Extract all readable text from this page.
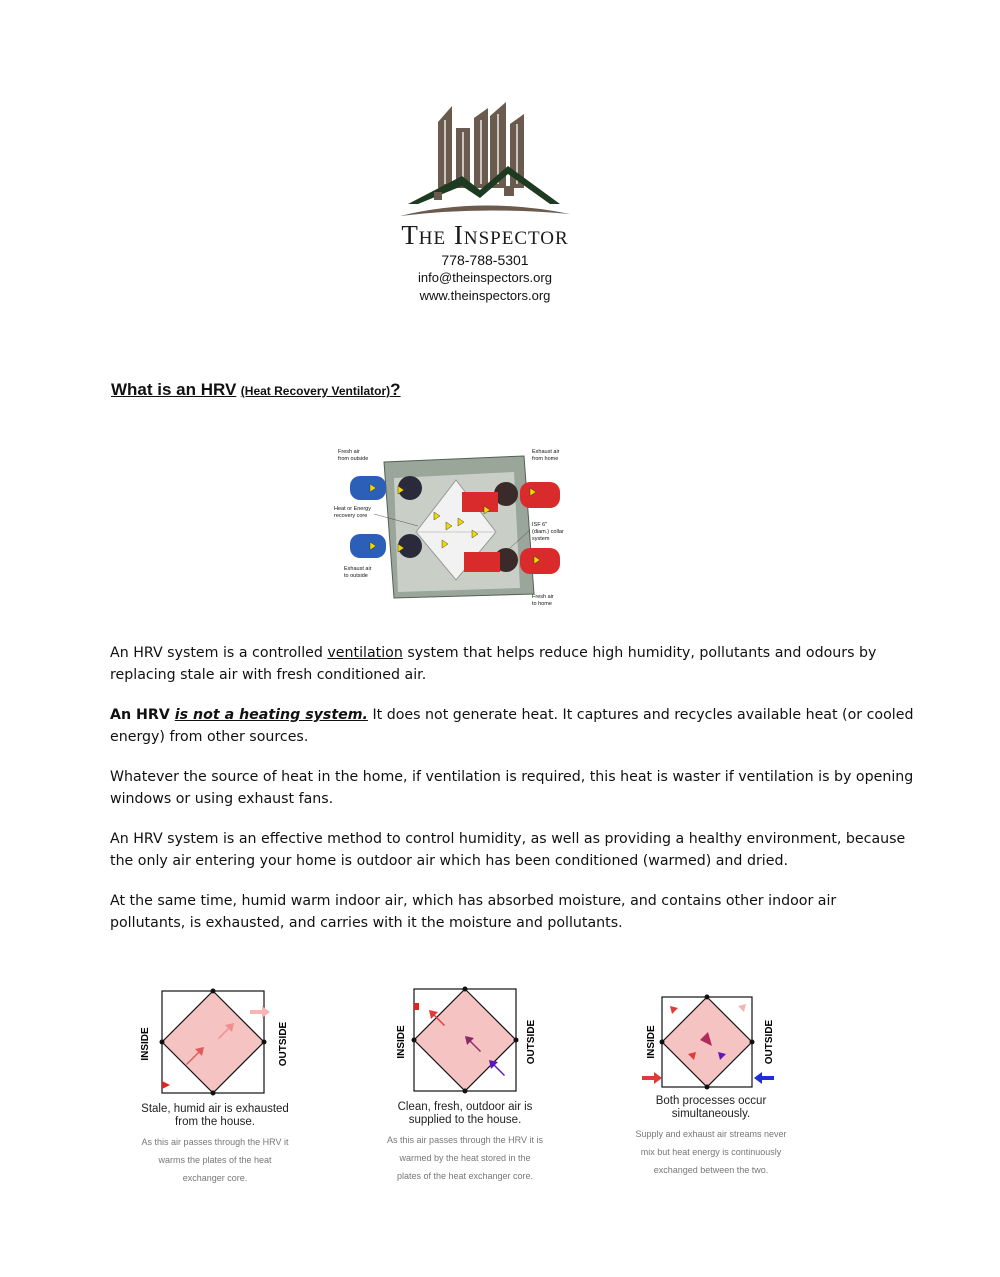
The Inspector
778-788-5301
info@theinspectors.org
www.theinspectors.org
What is an HRV (Heat Recovery Ventilator)?
Fresh air
from outside
Exhaust air
from home
Heat or Energy
recovery core
ISF 6"
(diam.) collar
system
Exhaust air
to outside
Fresh air
to home

An HRV system is a controlled ventilation system that helps reduce high humidity, pollutants and odours by replacing stale air with fresh conditioned air.

An HRV is not a heating system. It does not generate heat. It captures and recycles available heat (or cooled energy) from other sources.

Whatever the source of heat in the home, if ventilation is required, this heat is waster if ventilation is by opening windows or using exhaust fans.

An HRV system is an effective method to control humidity, as well as providing a healthy environment, because the only air entering your home is outdoor air which has been conditioned (warmed) and dried.

At the same time, humid warm indoor air, which has absorbed moisture, and contains other indoor air pollutants, is exhausted, and carries with it the moisture and pollutants.

INSIDE	OUTSIDE
Stale, humid air is exhausted
from the house.
As this air passes through the HRV it
warms the plates of the heat
exchanger core.
INSIDE	OUTSIDE
Clean, fresh, outdoor air is
supplied to the house.
As this air passes through the HRV it is
warmed by the heat stored in the
plates of the heat exchanger core.
INSIDE	OUTSIDE
Both processes occur
simultaneously.
Supply and exhaust air streams never
mix but heat energy is continuously
exchanged between the two.
